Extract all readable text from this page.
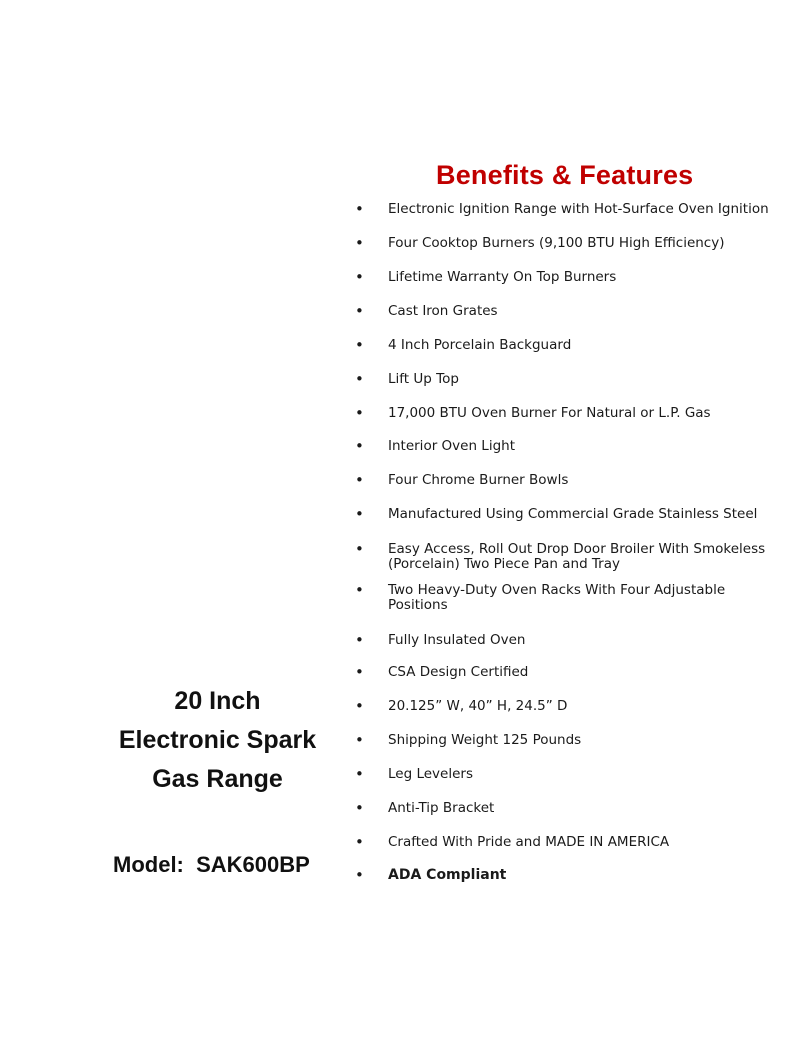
Benefits & Features
•	Electronic Ignition Range with Hot-Surface Oven Ignition
•	Four Cooktop Burners (9,100 BTU High Efficiency)
•	Lifetime Warranty On Top Burners
•	Cast Iron Grates
•	4 Inch Porcelain Backguard
•	Lift Up Top
•	17,000 BTU Oven Burner For Natural or L.P. Gas
•	Interior Oven Light
•	Four Chrome Burner Bowls
•	Manufactured Using Commercial Grade Stainless Steel
•	Easy Access, Roll Out Drop Door Broiler With Smokeless (Porcelain) Two Piece Pan and Tray
•	Two Heavy-Duty Oven Racks With Four Adjustable Positions
•	Fully Insulated Oven
•	CSA Design Certified
•	20.125” W, 40” H, 24.5” D
•	Shipping Weight 125 Pounds
•	Leg Levelers
•	Anti-Tip Bracket
•	Crafted With Pride and MADE IN AMERICA
•	ADA Compliant
20 Inch
Electronic Spark
Gas Range

Model:  SAK600BP
